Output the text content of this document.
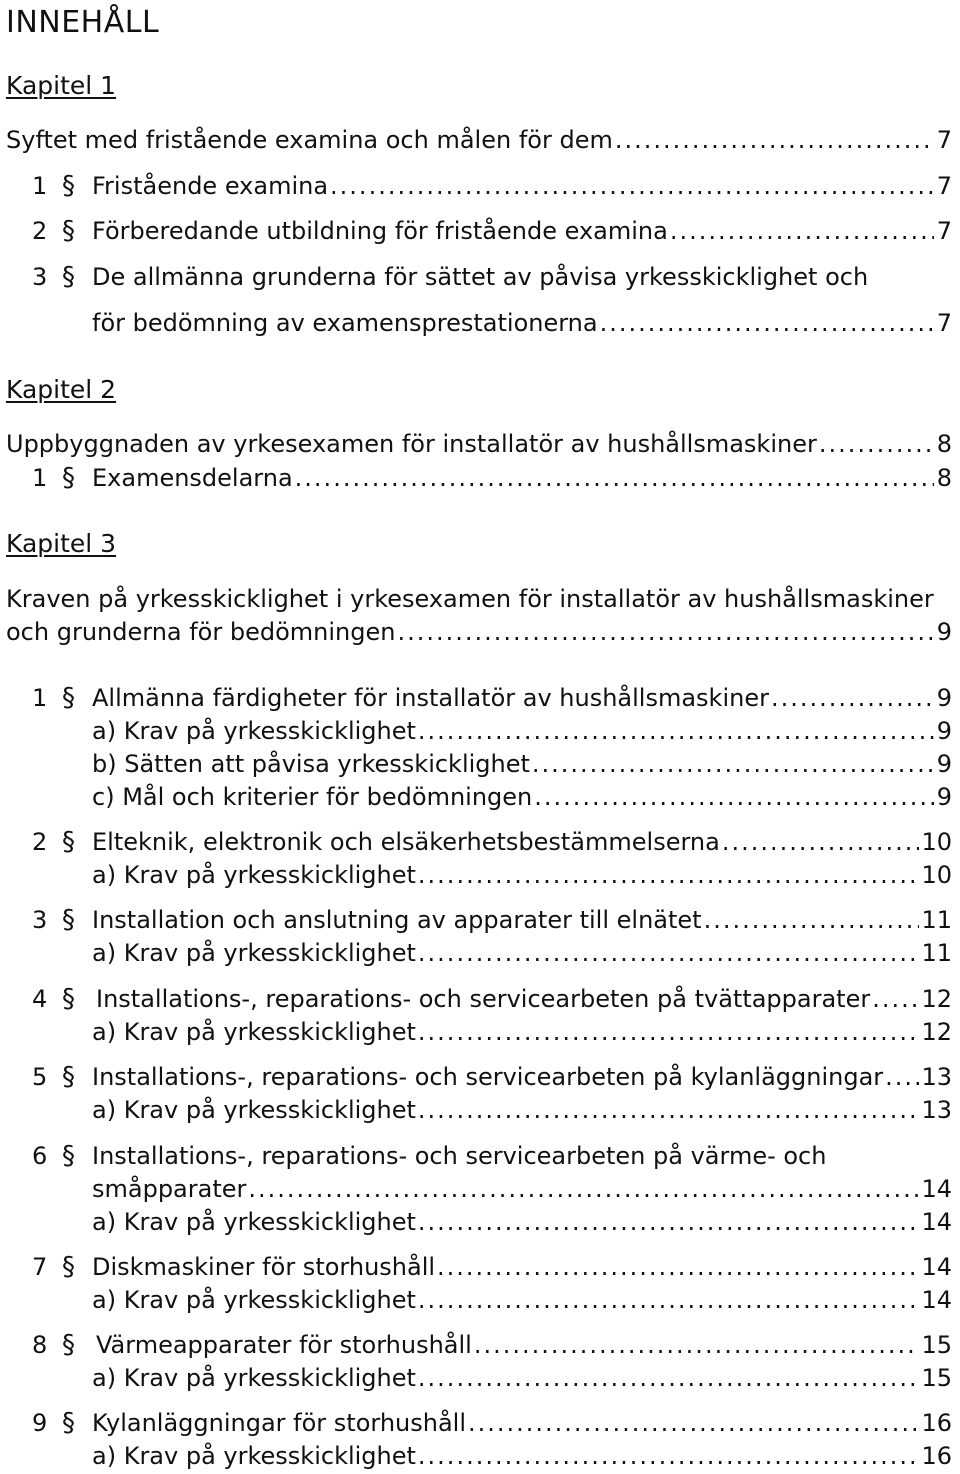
INNEHÅLL
Kapitel 1
Syftet med fristående examina och målen för dem .....	7
1 § Fristående examina .....	7
2 § Förberedande utbildning för fristående examina .....	7
3 § De allmänna grunderna för sättet av påvisa yrkesskicklighet och
för bedömning av examensprestationerna .....	7
Kapitel 2
Uppbyggnaden av yrkesexamen för installatör av hushållsmaskiner .....	8
1 § Examensdelarna .....	8
Kapitel 3
Kraven på yrkesskicklighet i yrkesexamen för installatör av hushållsmaskiner
och grunderna för bedömningen .....	9
1 § Allmänna färdigheter för installatör av hushållsmaskiner .....	9
a) Krav på yrkesskicklighet .....	9
b) Sätten att påvisa yrkesskicklighet .....	9
c) Mål och kriterier för bedömningen .....	9
2 § Elteknik, elektronik och elsäkerhetsbestämmelserna .....	10
a) Krav på yrkesskicklighet .....	10
3 § Installation och anslutning av apparater till elnätet .....	11
a) Krav på yrkesskicklighet .....	11
4 § Installations-, reparations- och servicearbeten på tvättapparater ..... 12
a) Krav på yrkesskicklighet .....	12
5 § Installations-, reparations- och servicearbeten på kylanläggningar ..... 13
a) Krav på yrkesskicklighet .....	13
6 § Installations-, reparations- och servicearbeten på värme- och
småpparater .....	14
a) Krav på yrkesskicklighet .....	14
7 § Diskmaskiner för storhushåll .....	14
a) Krav på yrkesskicklighet .....	14
8 § Värmeapparater för storhushåll .....	15
a) Krav på yrkesskicklighet .....	15
9 § Kylanläggningar för storhushåll .....	16
a) Krav på yrkesskicklighet .....	16
